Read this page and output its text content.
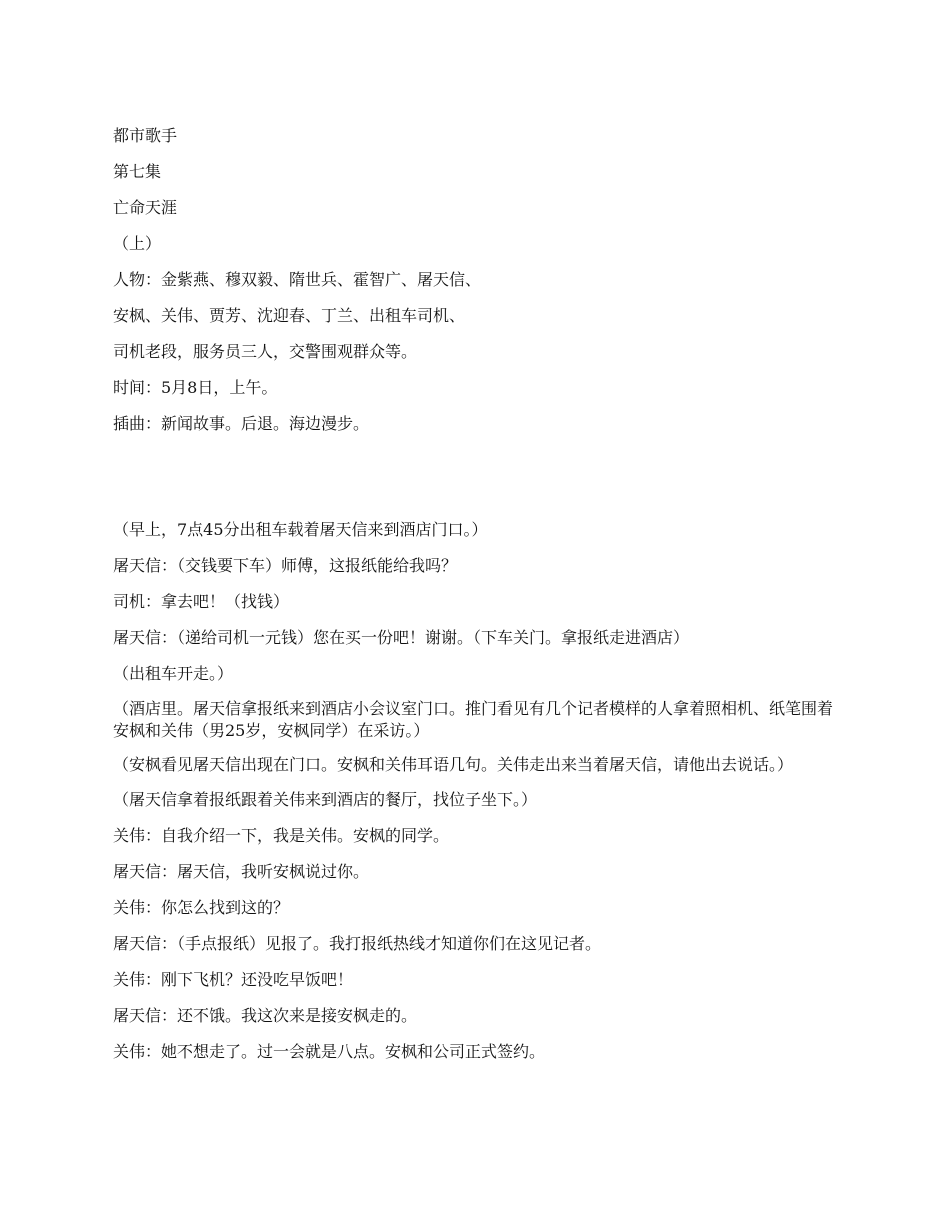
都市歌手

第七集

亡命天涯

（上）

人物：金紫燕、穆双毅、隋世兵、霍智广、屠天信、

安枫、关伟、贾芳、沈迎春、丁兰、出租车司机、

司机老段，服务员三人，交警围观群众等。

时间：5月8日，上午。

插曲：新闻故事。后退。海边漫步。

（早上，7点45分出租车载着屠天信来到酒店门口。）

屠天信：（交钱要下车）师傅，这报纸能给我吗？

司机：拿去吧！（找钱）

屠天信：（递给司机一元钱）您在买一份吧！谢谢。（下车关门。拿报纸走进酒店）

（出租车开走。）

（酒店里。屠天信拿报纸来到酒店小会议室门口。推门看见有几个记者模样的人拿着照相机、纸笔围着安枫和关伟（男25岁，安枫同学）在采访。）

（安枫看见屠天信出现在门口。安枫和关伟耳语几句。关伟走出来当着屠天信，请他出去说话。）

（屠天信拿着报纸跟着关伟来到酒店的餐厅，找位子坐下。）

关伟：自我介绍一下，我是关伟。安枫的同学。

屠天信：屠天信，我听安枫说过你。

关伟：你怎么找到这的？

屠天信：（手点报纸）见报了。我打报纸热线才知道你们在这见记者。

关伟：刚下飞机？还没吃早饭吧！

屠天信：还不饿。我这次来是接安枫走的。

关伟：她不想走了。过一会就是八点。安枫和公司正式签约。
